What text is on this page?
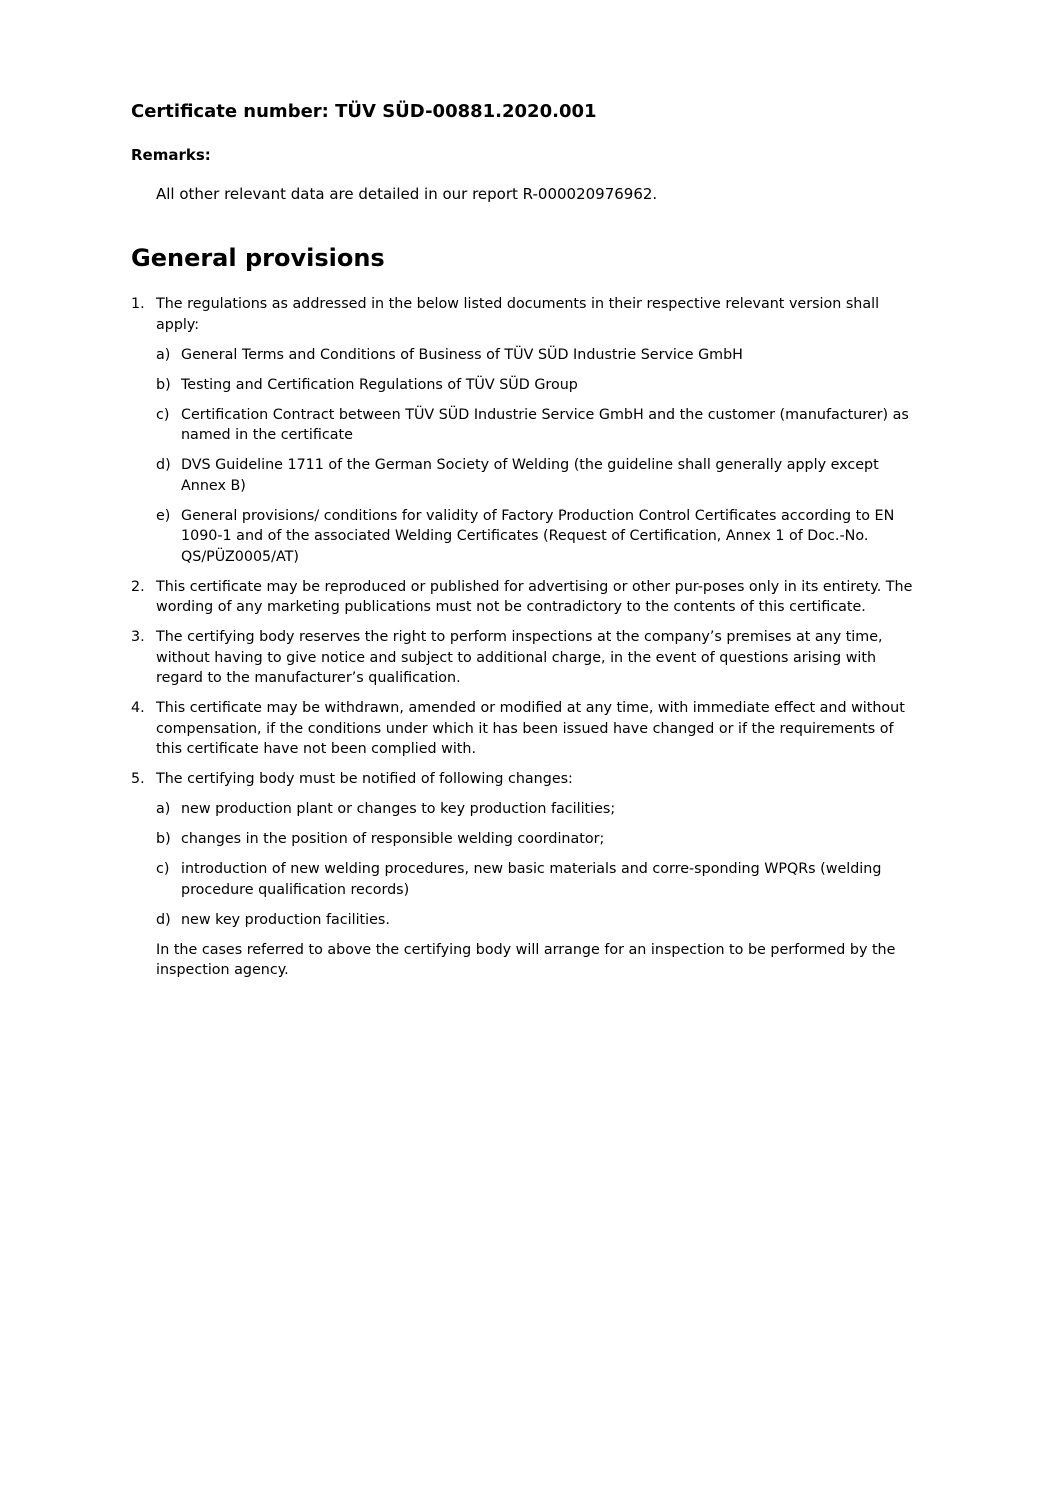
Certificate number: TÜV SÜD-00881.2020.001
Remarks:

All other relevant data are detailed in our report R-000020976962.

General provisions
1. The regulations as addressed in the below listed documents in their respective relevant version shall apply:
a) General Terms and Conditions of Business of TÜV SÜD Industrie Service GmbH
b) Testing and Certification Regulations of TÜV SÜD Group
c) Certification Contract between TÜV SÜD Industrie Service GmbH and the customer (manufacturer) as named in the certificate
d) DVS Guideline 1711 of the German Society of Welding (the guideline shall generally apply except Annex B)
e) General provisions/ conditions for validity of Factory Production Control Certificates according to EN 1090-1 and of the associated Welding Certificates (Request of Certification, Annex 1 of Doc.-No. QS/PÜZ0005/AT)
2. This certificate may be reproduced or published for advertising or other pur-poses only in its entirety. The wording of any marketing publications must not be contradictory to the contents of this certificate.
3. The certifying body reserves the right to perform inspections at the company’s premises at any time, without having to give notice and subject to additional charge, in the event of questions arising with regard to the manufacturer’s qualification.
4. This certificate may be withdrawn, amended or modified at any time, with immediate effect and without compensation, if the conditions under which it has been issued have changed or if the requirements of this certificate have not been complied with.
5. The certifying body must be notified of following changes:
a) new production plant or changes to key production facilities;
b) changes in the position of responsible welding coordinator;
c) introduction of new welding procedures, new basic materials and corre-sponding WPQRs (welding procedure qualification records)
d) new key production facilities.

In the cases referred to above the certifying body will arrange for an inspection to be performed by the inspection agency.
